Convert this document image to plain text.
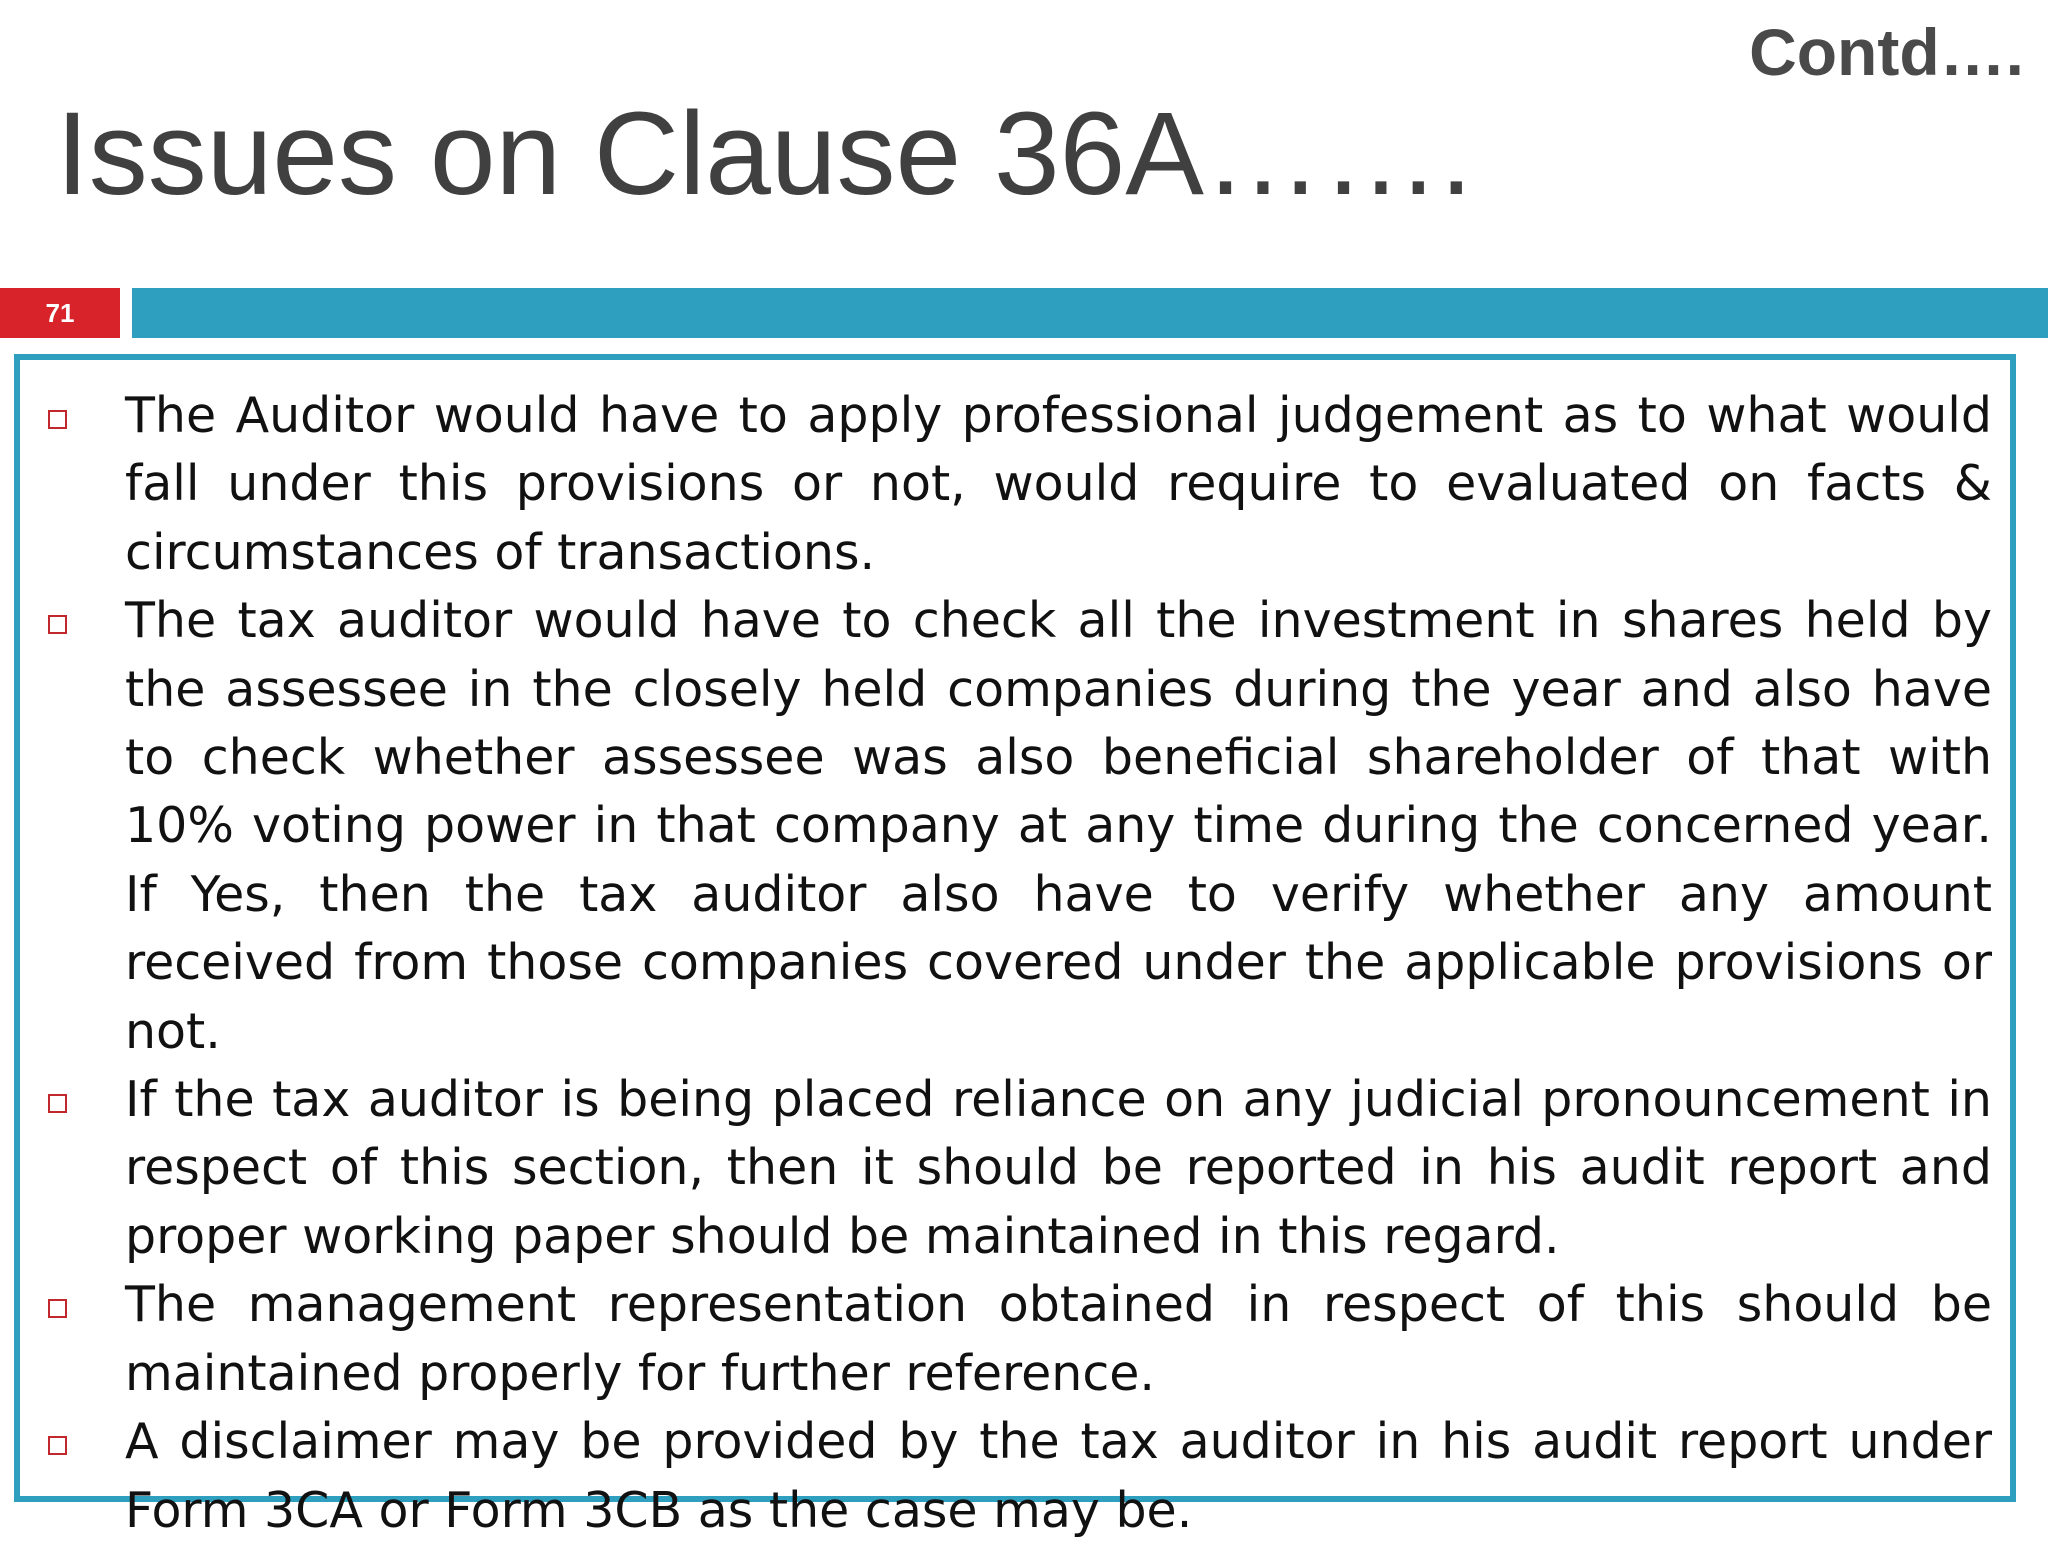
Contd….
Issues on Clause 36A…….
71
The Auditor would have to apply professional judgement as to what would fall under this provisions or not, would require to evaluated on facts & circumstances of transactions.
The tax auditor would have to check all the investment in shares held by the assessee in the closely held companies during the year and also have to check whether assessee was also beneficial shareholder of that with 10% voting power in that company at any time during the concerned year. If Yes, then the tax auditor also have to verify whether any amount received from those companies covered under the applicable provisions or not.
If the tax auditor is being placed reliance on any judicial pronouncement in respect of this section, then it should be reported in his audit report and proper working paper should be maintained in this regard.
The management representation obtained in respect of this should be maintained properly for further reference.
A disclaimer may be provided by the tax auditor in his audit report under Form 3CA or Form 3CB as the case may be.
